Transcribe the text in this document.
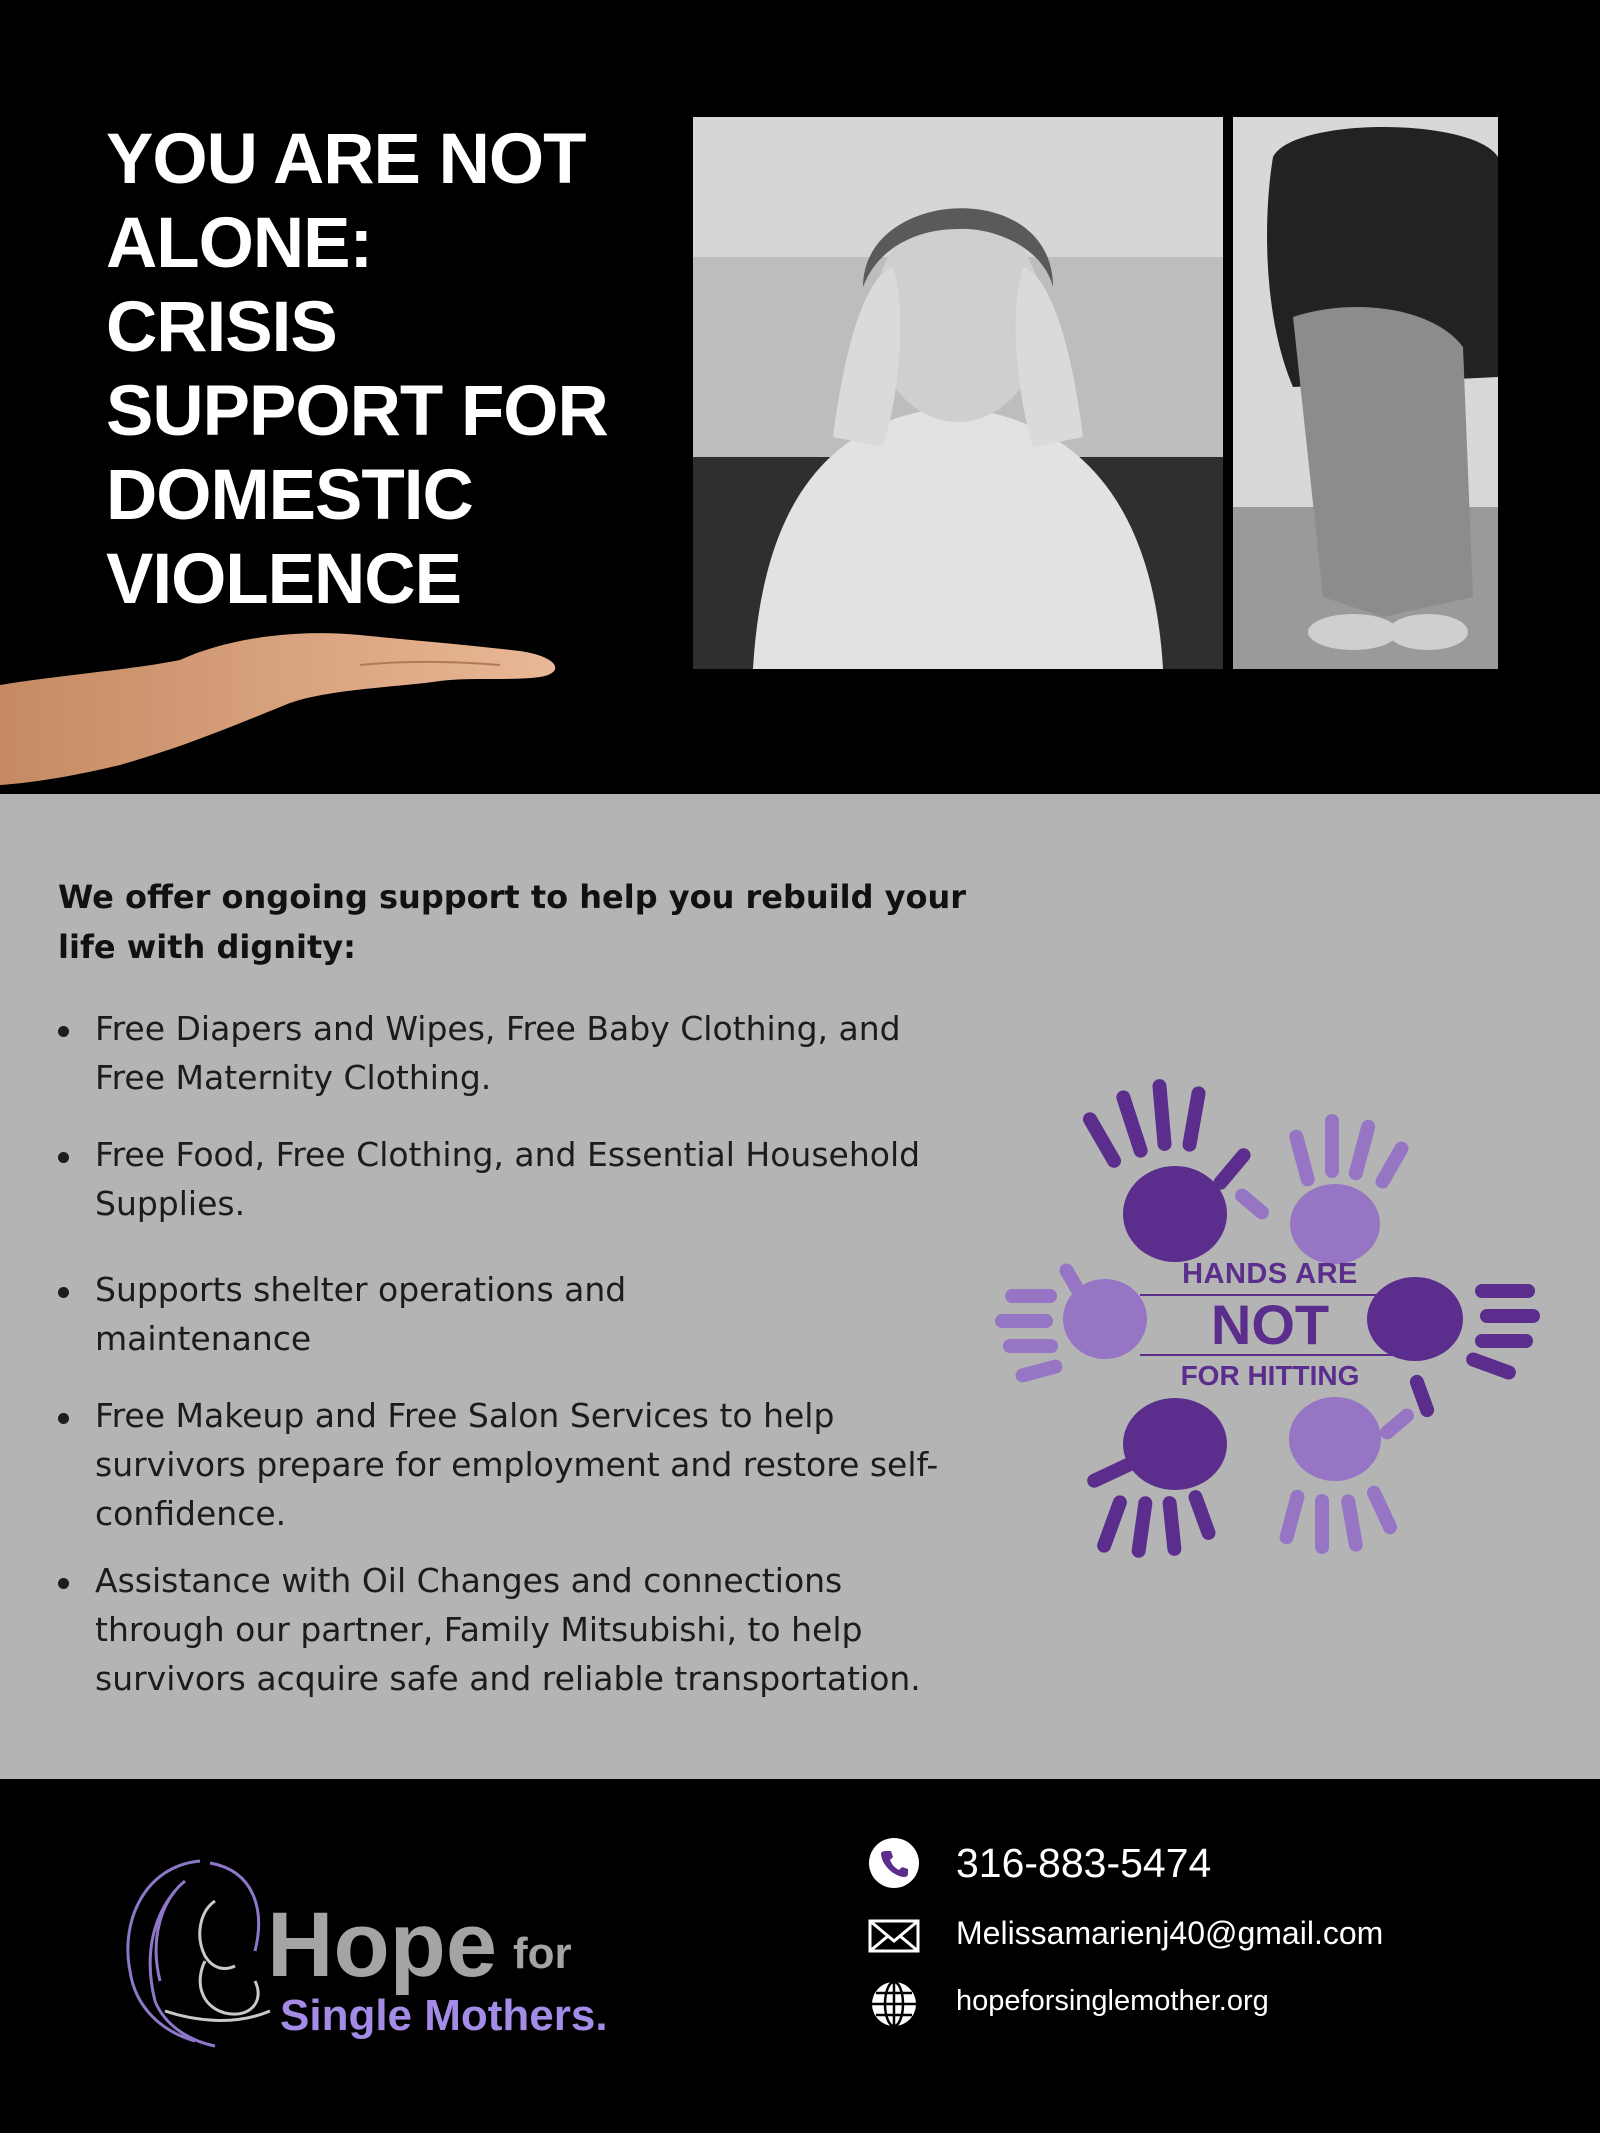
YOU ARE NOT
ALONE:
CRISIS
SUPPORT FOR
DOMESTIC
VIOLENCE

We offer ongoing support to help you rebuild your life with dignity:

Free Diapers and Wipes, Free Baby Clothing, and
Free Maternity Clothing.
Free Food, Free Clothing, and Essential Household
Supplies.
Supports shelter operations and
maintenance
Free Makeup and Free Salon Services to help
survivors prepare for employment and restore self-
confidence.
Assistance with Oil Changes and connections
through our partner, Family Mitsubishi, to help
survivors acquire safe and reliable transportation.
HANDS ARE
NOT
FOR HITTING
Hope for
Single Mothers.
316-883-5474
Melissamarienj40@gmail.com
hopeforsinglemother.org
